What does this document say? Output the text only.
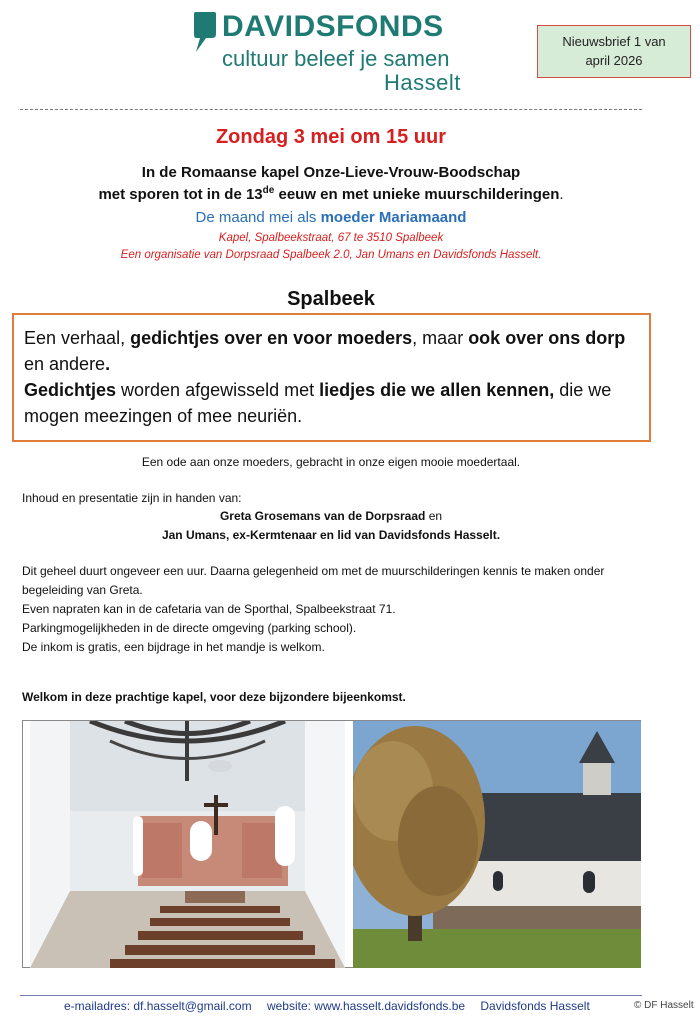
DAVIDSFONDS
cultuur beleef je samen
Hasselt
Nieuwsbrief 1 van
april 2026
Zondag 3 mei om 15 uur
In de Romaanse kapel Onze-Lieve-Vrouw-Boodschap
met sporen tot in de 13de eeuw en met unieke muurschilderingen.
De maand mei als moeder Mariamaand
Kapel, Spalbeekstraat, 67 te 3510 Spalbeek
Een organisatie van Dorpsraad Spalbeek 2.0, Jan Umans en Davidsfonds Hasselt.
Spalbeek
Een verhaal, gedichtjes over en voor moeders, maar ook over ons dorp en andere.
Gedichtjes worden afgewisseld met liedjes die we allen kennen, die we mogen meezingen of mee neuriën.
Een ode aan onze moeders, gebracht in onze eigen mooie moedertaal.
Inhoud en presentatie zijn in handen van:
Greta Grosemans van de Dorpsraad en
Jan Umans, ex-Kermtenaar en lid van Davidsfonds Hasselt.
Dit geheel duurt ongeveer een uur. Daarna gelegenheid om met de muurschilderingen kennis te maken onder begeleiding van Greta.
Even napraten kan in de cafetaria van de Sporthal, Spalbeekstraat 71.
Parkingmogelijkheden in de directe omgeving (parking school).
De inkom is gratis, een bijdrage in het mandje is welkom.
Welkom in deze prachtige kapel, voor deze bijzondere bijeenkomst.
e-mailadres: df.hasselt@gmail.com website: www.hasselt.davidsfonds.be Davidsfonds Hasselt	© DF Hasselt
